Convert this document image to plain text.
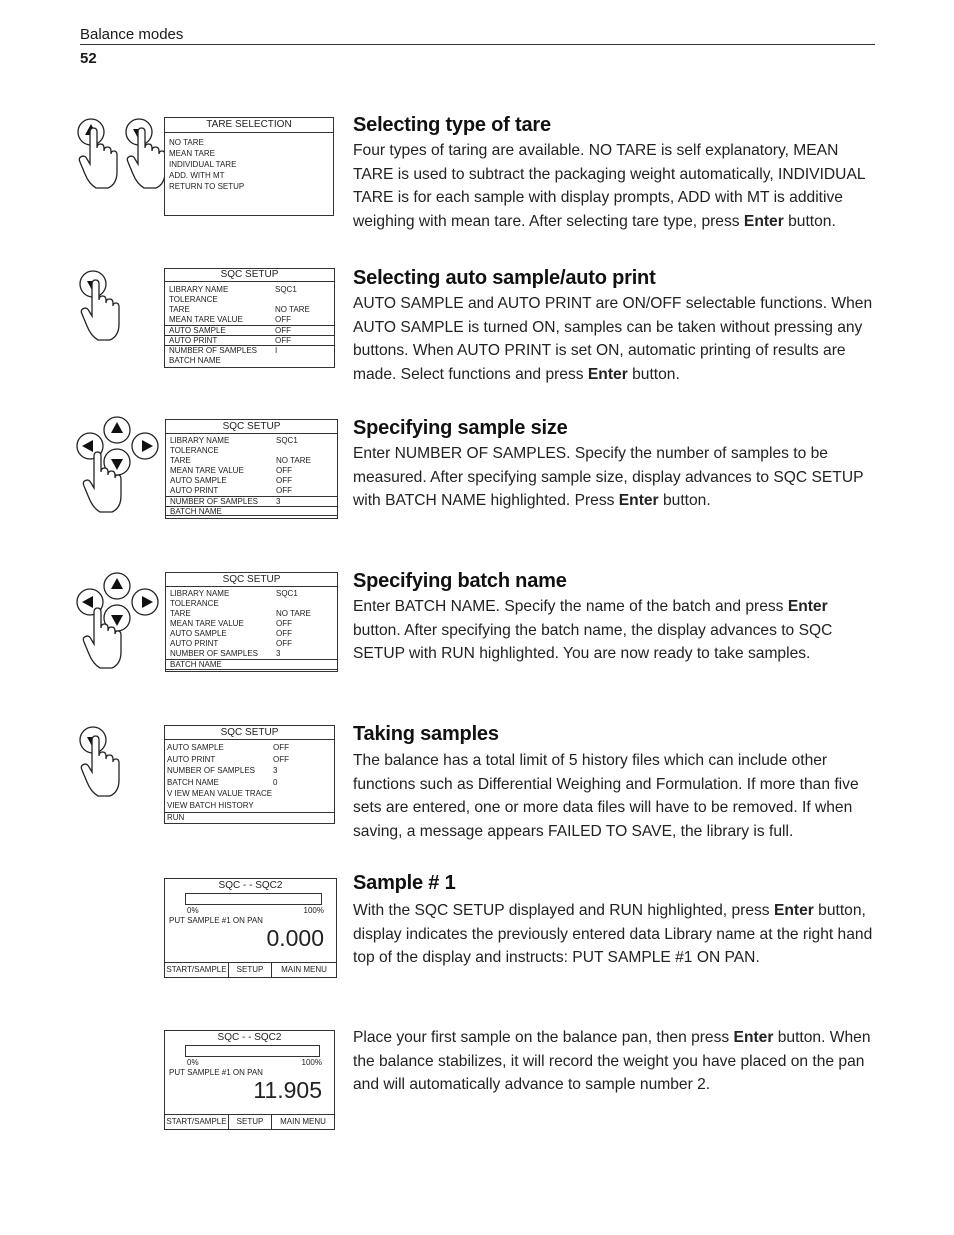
Balance modes
52
TARE SELECTION
NO TARE
MEAN TARE
INDIVIDUAL TARE
ADD. WITH MT
RETURN TO SETUP
SQC SETUP
LIBRARY NAME	SQC1
TOLERANCE
TARE	NO TARE
MEAN TARE VALUE	OFF
AUTO SAMPLE	OFF
AUTO PRINT	OFF
NUMBER OF SAMPLES	I
BATCH NAME
SQC SETUP
LIBRARY NAME	SQC1
TOLERANCE
TARE	NO TARE
MEAN TARE VALUE	OFF
AUTO SAMPLE	OFF
AUTO PRINT	OFF
NUMBER OF SAMPLES	3
BATCH NAME
SQC SETUP
LIBRARY NAME	SQC1
TOLERANCE
TARE	NO TARE
MEAN TARE VALUE	OFF
AUTO SAMPLE	OFF
AUTO PRINT	OFF
NUMBER OF SAMPLES	3
BATCH NAME
SQC SETUP
AUTO SAMPLE	OFF
AUTO PRINT	OFF
NUMBER OF SAMPLES	3
BATCH NAME	0
V IEW MEAN VALUE TRACE
VIEW BATCH HISTORY
RUN
SQC - - SQC2
0%	100%
PUT SAMPLE #1 ON PAN
0.000
START/SAMPLE	SETUP	MAIN MENU
SQC - - SQC2
0%	100%
PUT SAMPLE #1 ON PAN
11.905
START/SAMPLE	SETUP	MAIN MENU
Selecting type of tare
Four types of taring are available. NO TARE is self explanatory, MEAN TARE is used to subtract the packaging weight automatically, INDIVIDUAL TARE is for each sample with display prompts, ADD with MT is additive weighing with mean tare. After selecting tare type, press Enter button.
Selecting auto sample/auto print
AUTO SAMPLE and AUTO PRINT are ON/OFF selectable functions. When AUTO SAMPLE is turned ON, samples can be taken without pressing any buttons. When AUTO PRINT is set ON, automatic printing of results are made. Select functions and press Enter button.
Specifying sample size
Enter NUMBER OF SAMPLES. Specify the number of samples to be measured. After specifying sample size, display advances to SQC SETUP with BATCH NAME highlighted. Press Enter button.
Specifying batch name
Enter BATCH NAME. Specify the name of the batch and press Enter button. After specifying the batch name, the display advances to SQC SETUP with RUN highlighted. You are now ready to take samples.
Taking samples
The balance has a total limit of 5 history files which can include other functions such as Differential Weighing and Formulation. If more than five sets are entered, one or more data files will have to be removed. If when saving, a message appears FAILED TO SAVE, the library is full.
Sample # 1
With the SQC SETUP displayed and RUN highlighted, press Enter button, display indicates the previously entered data Library name at the right hand top of the display and instructs: PUT SAMPLE #1 ON PAN.
Place your first sample on the balance pan, then press Enter button. When the balance stabilizes, it will record the weight you have placed on the pan and will automatically advance to sample number 2.
